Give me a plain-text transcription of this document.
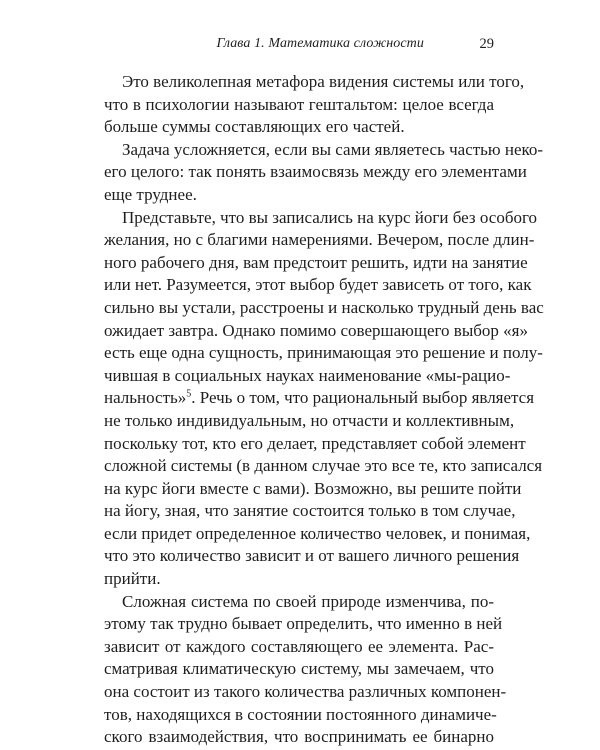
Глава 1. Математика сложности	29
Это великолепная метафора видения системы или того,
что в психологии называют гештальтом: целое всегда
больше суммы составляющих его частей.
Задача усложняется, если вы сами являетесь частью неко-
его целого: так понять взаимосвязь между его элементами
еще труднее.
Представьте, что вы записались на курс йоги без особого
желания, но с благими намерениями. Вечером, после длин-
ного рабочего дня, вам предстоит решить, идти на занятие
или нет. Разумеется, этот выбор будет зависеть от того, как
сильно вы устали, расстроены и насколько трудный день вас
ожидает завтра. Однако помимо совершающего выбор «я»
есть еще одна сущность, принимающая это решение и полу-
чившая в социальных науках наименование «мы-рацио-
нальность»$^5$. Речь о том, что рациональный выбор является
не только индивидуальным, но отчасти и коллективным,
поскольку тот, кто его делает, представляет собой элемент
сложной системы (в данном случае это все те, кто записался
на курс йоги вместе с вами). Возможно, вы решите пойти
на йогу, зная, что занятие состоится только в том случае,
если придет определенное количество человек, и понимая,
что это количество зависит и от вашего личного решения
прийти.
Сложная система по своей природе изменчива, по-
этому так трудно бывает определить, что именно в ней
зависит от каждого составляющего ее элемента. Рас-
сматривая климатическую систему, мы замечаем, что
она состоит из такого количества различных компонен-
тов, находящихся в состоянии постоянного динамиче-
ского взаимодействия, что воспринимать ее бинарно
